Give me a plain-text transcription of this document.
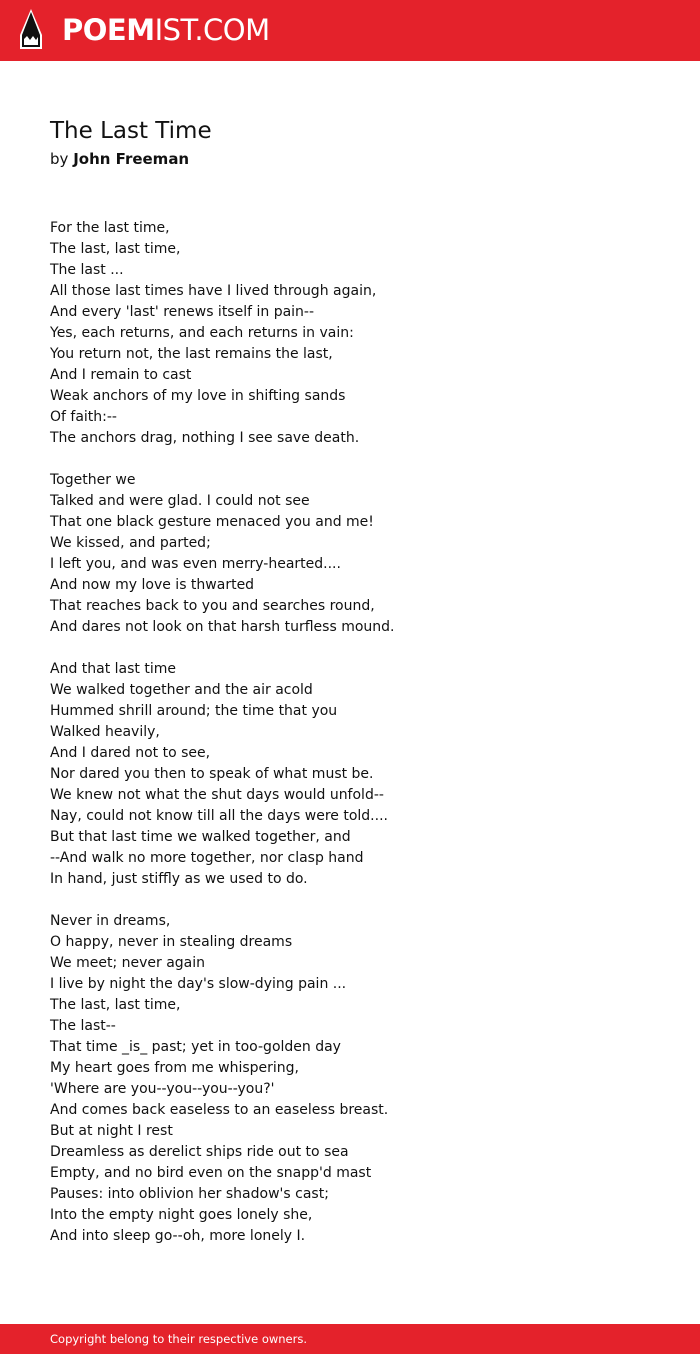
POEMIST.COM
The Last Time
by John Freeman
For the last time,
The last, last time,
The last ...
All those last times have I lived through again,
And every 'last' renews itself in pain--
Yes, each returns, and each returns in vain:
You return not, the last remains the last,
And I remain to cast
Weak anchors of my love in shifting sands
Of faith:--
The anchors drag, nothing I see save death.
Together we
Talked and were glad. I could not see
That one black gesture menaced you and me!
We kissed, and parted;
I left you, and was even merry-hearted....
And now my love is thwarted
That reaches back to you and searches round,
And dares not look on that harsh turfless mound.
And that last time
We walked together and the air acold
Hummed shrill around; the time that you
Walked heavily,
And I dared not to see,
Nor dared you then to speak of what must be.
We knew not what the shut days would unfold--
Nay, could not know till all the days were told....
But that last time we walked together, and
--And walk no more together, nor clasp hand
In hand, just stiffly as we used to do.
Never in dreams,
O happy, never in stealing dreams
We meet; never again
I live by night the day's slow-dying pain ...
The last, last time,
The last--
That time _is_ past; yet in too-golden day
My heart goes from me whispering,
'Where are you--you--you--you?'
And comes back easeless to an easeless breast.
But at night I rest
Dreamless as derelict ships ride out to sea
Empty, and no bird even on the snapp'd mast
Pauses: into oblivion her shadow's cast;
Into the empty night goes lonely she,
And into sleep go--oh, more lonely I.
Copyright belong to their respective owners.
